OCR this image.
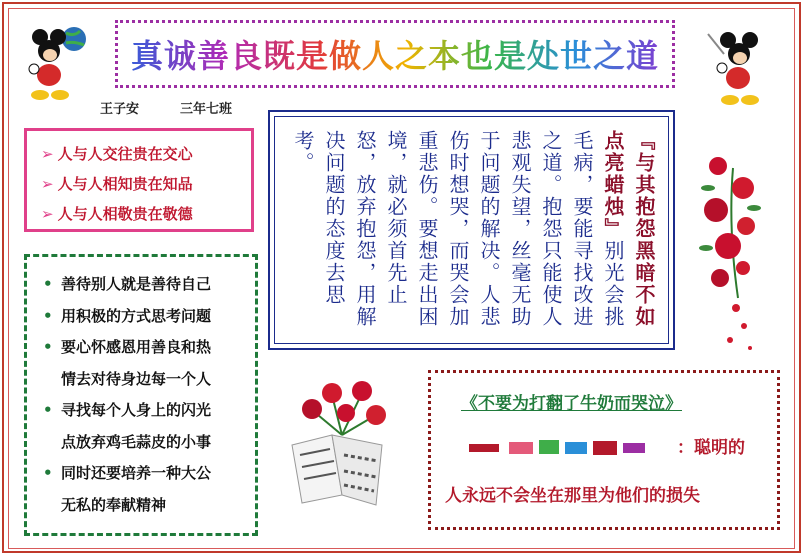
真诚善良既是做人之本也是处世之道
王子安	三年七班
➢ 人与人交往贵在交心
➢ 人与人相知贵在知品
➢ 人与人相敬贵在敬德
• 善待别人就是善待自己
• 用积极的方式思考问题
• 要心怀感恩用善良和热
情去对待身边每一个人
• 寻找每个人身上的闪光
点放弃鸡毛蒜皮的小事
• 同时还要培养一种大公
无私的奉献精神
『与其抱怨黑暗不如点亮蜡烛』别光会挑毛病，要能寻找改进之道。抱怨只能使人悲观失望，丝毫无助于问题的解决。人悲伤时想哭，而哭会加重悲伤。要想走出困境，就必须首先止怒，放弃抱怨，用解决问题的态度去思考。
《不要为打翻了牛奶而哭泣》
：聪明的
人永远不会坐在那里为他们的损失
